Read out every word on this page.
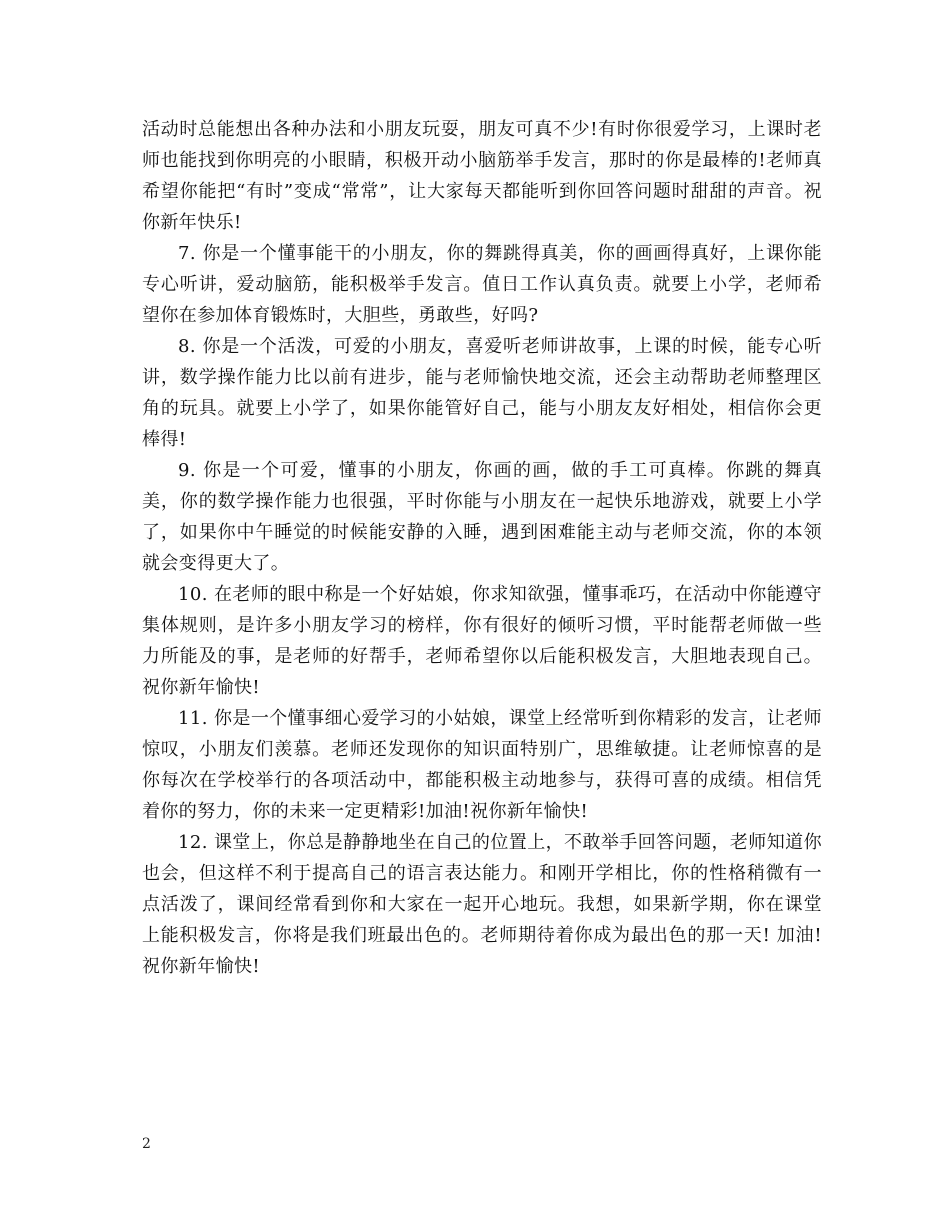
活动时总能想出各种办法和小朋友玩耍，朋友可真不少!有时你很爱学习，上课时老师也能找到你明亮的小眼睛，积极开动小脑筋举手发言，那时的你是最棒的!老师真希望你能把“有时”变成“常常”，让大家每天都能听到你回答问题时甜甜的声音。祝你新年快乐!

7. 你是一个懂事能干的小朋友，你的舞跳得真美，你的画画得真好，上课你能专心听讲，爱动脑筋，能积极举手发言。值日工作认真负责。就要上小学，老师希望你在参加体育锻炼时，大胆些，勇敢些，好吗?

8. 你是一个活泼，可爱的小朋友，喜爱听老师讲故事，上课的时候，能专心听讲，数学操作能力比以前有进步，能与老师愉快地交流，还会主动帮助老师整理区角的玩具。就要上小学了，如果你能管好自己，能与小朋友友好相处，相信你会更棒得!

9. 你是一个可爱，懂事的小朋友，你画的画，做的手工可真棒。你跳的舞真美，你的数学操作能力也很强，平时你能与小朋友在一起快乐地游戏，就要上小学了，如果你中午睡觉的时候能安静的入睡，遇到困难能主动与老师交流，你的本领就会变得更大了。

10. 在老师的眼中称是一个好姑娘，你求知欲强，懂事乖巧，在活动中你能遵守集体规则，是许多小朋友学习的榜样，你有很好的倾听习惯，平时能帮老师做一些力所能及的事，是老师的好帮手，老师希望你以后能积极发言，大胆地表现自己。祝你新年愉快!

11. 你是一个懂事细心爱学习的小姑娘，课堂上经常听到你精彩的发言，让老师惊叹，小朋友们羡慕。老师还发现你的知识面特别广，思维敏捷。让老师惊喜的是你每次在学校举行的各项活动中，都能积极主动地参与，获得可喜的成绩。相信凭着你的努力，你的未来一定更精彩!加油!祝你新年愉快!

12. 课堂上，你总是静静地坐在自己的位置上，不敢举手回答问题，老师知道你也会，但这样不利于提高自己的语言表达能力。和刚开学相比，你的性格稍微有一点活泼了，课间经常看到你和大家在一起开心地玩。我想，如果新学期，你在课堂上能积极发言，你将是我们班最出色的。老师期待着你成为最出色的那一天! 加油!祝你新年愉快!

2
